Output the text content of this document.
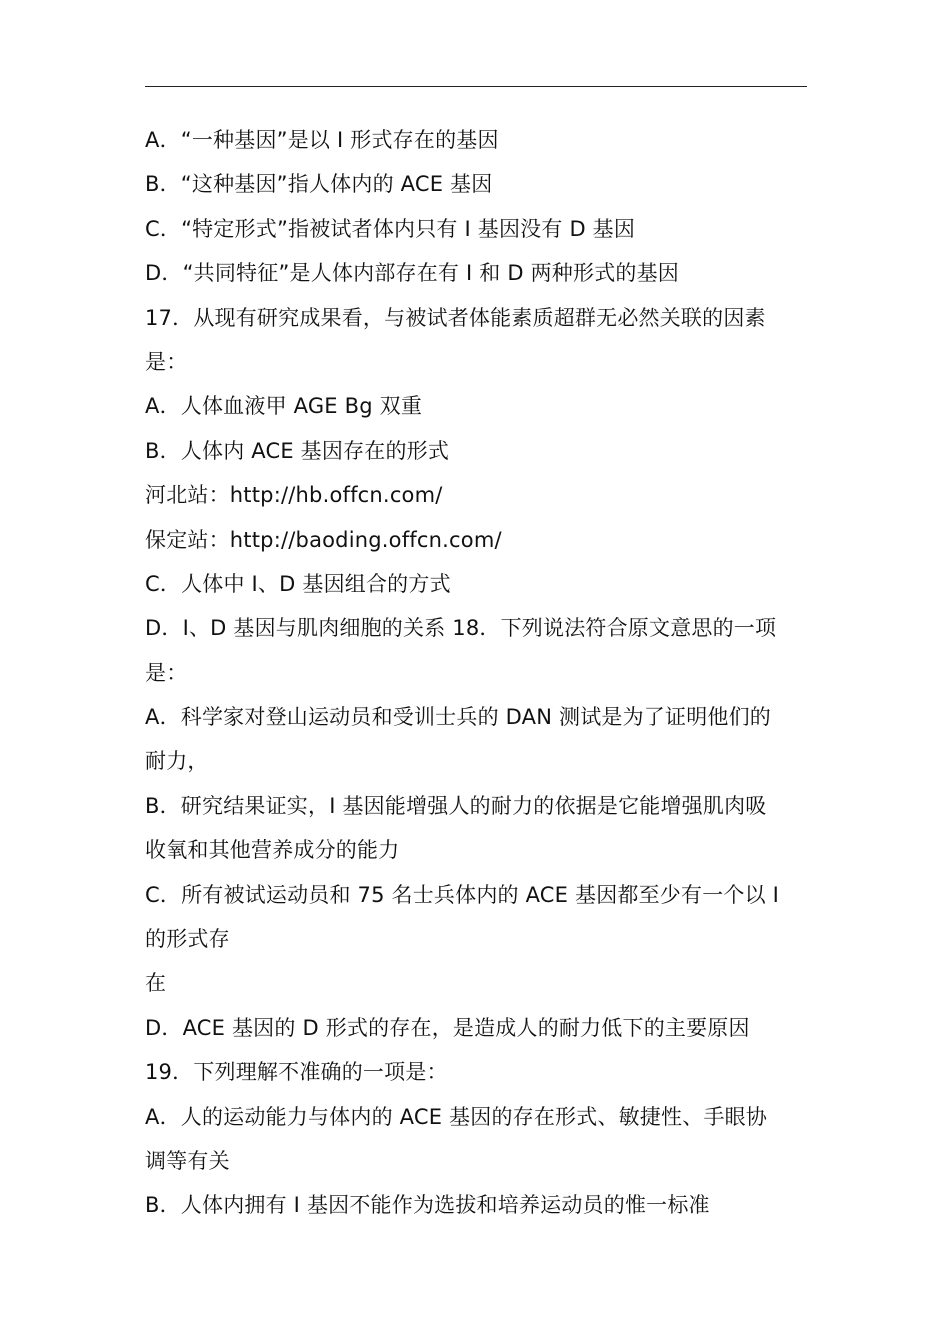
A．“一种基因”是以 I 形式存在的基因
B．“这种基因”指人体内的 ACE 基因
C．“特定形式”指被试者体内只有 I 基因没有 D 基因
D．“共同特征”是人体内部存在有 I 和 D 两种形式的基因
17．从现有研究成果看，与被试者体能素质超群无必然关联的因素
是：
A．人体血液甲 AGE Bg 双重
B．人体内 ACE 基因存在的形式
河北站：http://hb.offcn.com/
保定站：http://baoding.offcn.com/
C．人体中 I、D 基因组合的方式
D．I、D 基因与肌肉细胞的关系 18．下列说法符合原文意思的一项
是：
A．科学家对登山运动员和受训士兵的 DAN 测试是为了证明他们的
耐力，
B．研究结果证实，I 基因能增强人的耐力的依据是它能增强肌肉吸
收氧和其他营养成分的能力
C．所有被试运动员和 75 名士兵体内的 ACE 基因都至少有一个以 I
的形式存
在
D．ACE 基因的 D 形式的存在，是造成人的耐力低下的主要原因
19．下列理解不准确的一项是：
A．人的运动能力与体内的 ACE 基因的存在形式、敏捷性、手眼协
调等有关
B．人体内拥有 I 基因不能作为选拔和培养运动员的惟一标准
